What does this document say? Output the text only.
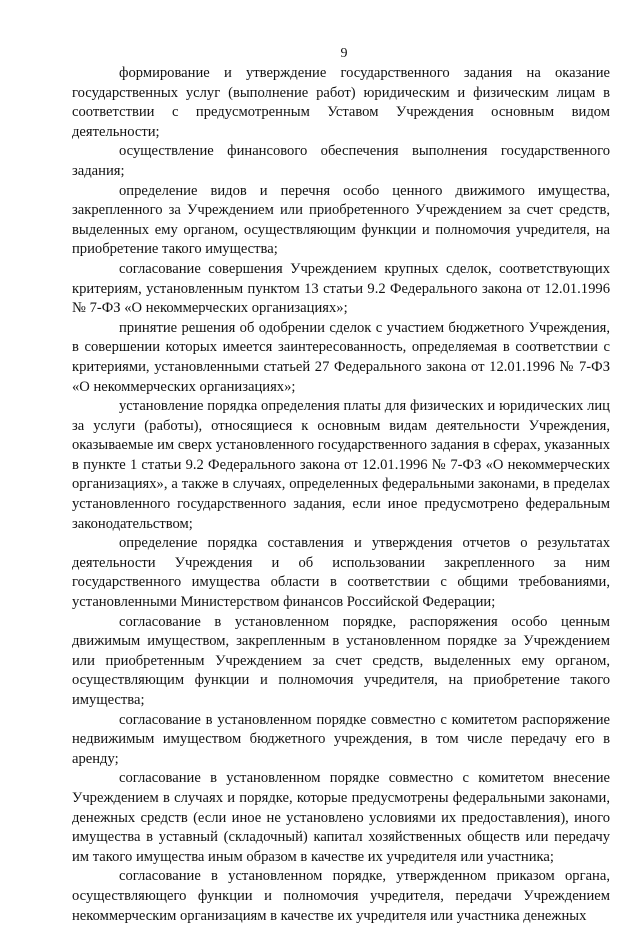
9

формирование и утверждение государственного задания на оказание государственных услуг (выполнение работ) юридическим и физическим лицам в соответствии с предусмотренным Уставом Учреждения основным видом деятельности;

осуществление финансового обеспечения выполнения государственного задания;

определение видов и перечня особо ценного движимого имущества, закрепленного за Учреждением или приобретенного Учреждением за счет средств, выделенных ему органом, осуществляющим функции и полномочия учредителя, на приобретение такого имущества;

согласование совершения Учреждением крупных сделок, соответствующих критериям, установленным пунктом 13 статьи 9.2 Федерального закона от 12.01.1996 № 7-ФЗ «О некоммерческих организациях»;

принятие решения об одобрении сделок с участием бюджетного Учреждения, в совершении которых имеется заинтересованность, определяемая в соответствии с критериями, установленными статьей 27 Федерального закона от 12.01.1996 № 7-ФЗ «О некоммерческих организациях»;

установление порядка определения платы для физических и юридических лиц за услуги (работы), относящиеся к основным видам деятельности Учреждения, оказываемые им сверх установленного государственного задания в сферах, указанных в пункте 1 статьи 9.2 Федерального закона от 12.01.1996 № 7-ФЗ «О некоммерческих организациях», а также в случаях, определенных федеральными законами, в пределах установленного государственного задания, если иное предусмотрено федеральным законодательством;

определение порядка составления и утверждения отчетов о результатах деятельности Учреждения и об использовании закрепленного за ним государственного имущества области в соответствии с общими требованиями, установленными Министерством финансов Российской Федерации;

согласование в установленном порядке, распоряжения особо ценным движимым имуществом, закрепленным в установленном порядке за Учреждением или приобретенным Учреждением за счет средств, выделенных ему органом, осуществляющим функции и полномочия учредителя, на приобретение такого имущества;

согласование в установленном порядке совместно с комитетом распоряжение недвижимым имуществом бюджетного учреждения, в том числе передачу его в аренду;

согласование в установленном порядке совместно с комитетом внесение Учреждением в случаях и порядке, которые предусмотрены федеральными законами, денежных средств (если иное не установлено условиями их предоставления), иного имущества в уставный (складочный) капитал хозяйственных обществ или передачу им такого имущества иным образом в качестве их учредителя или участника;

согласование в установленном порядке, утвержденном приказом органа, осуществляющего функции и полномочия учредителя, передачи Учреждением некоммерческим организациям в качестве их учредителя или участника денежных
